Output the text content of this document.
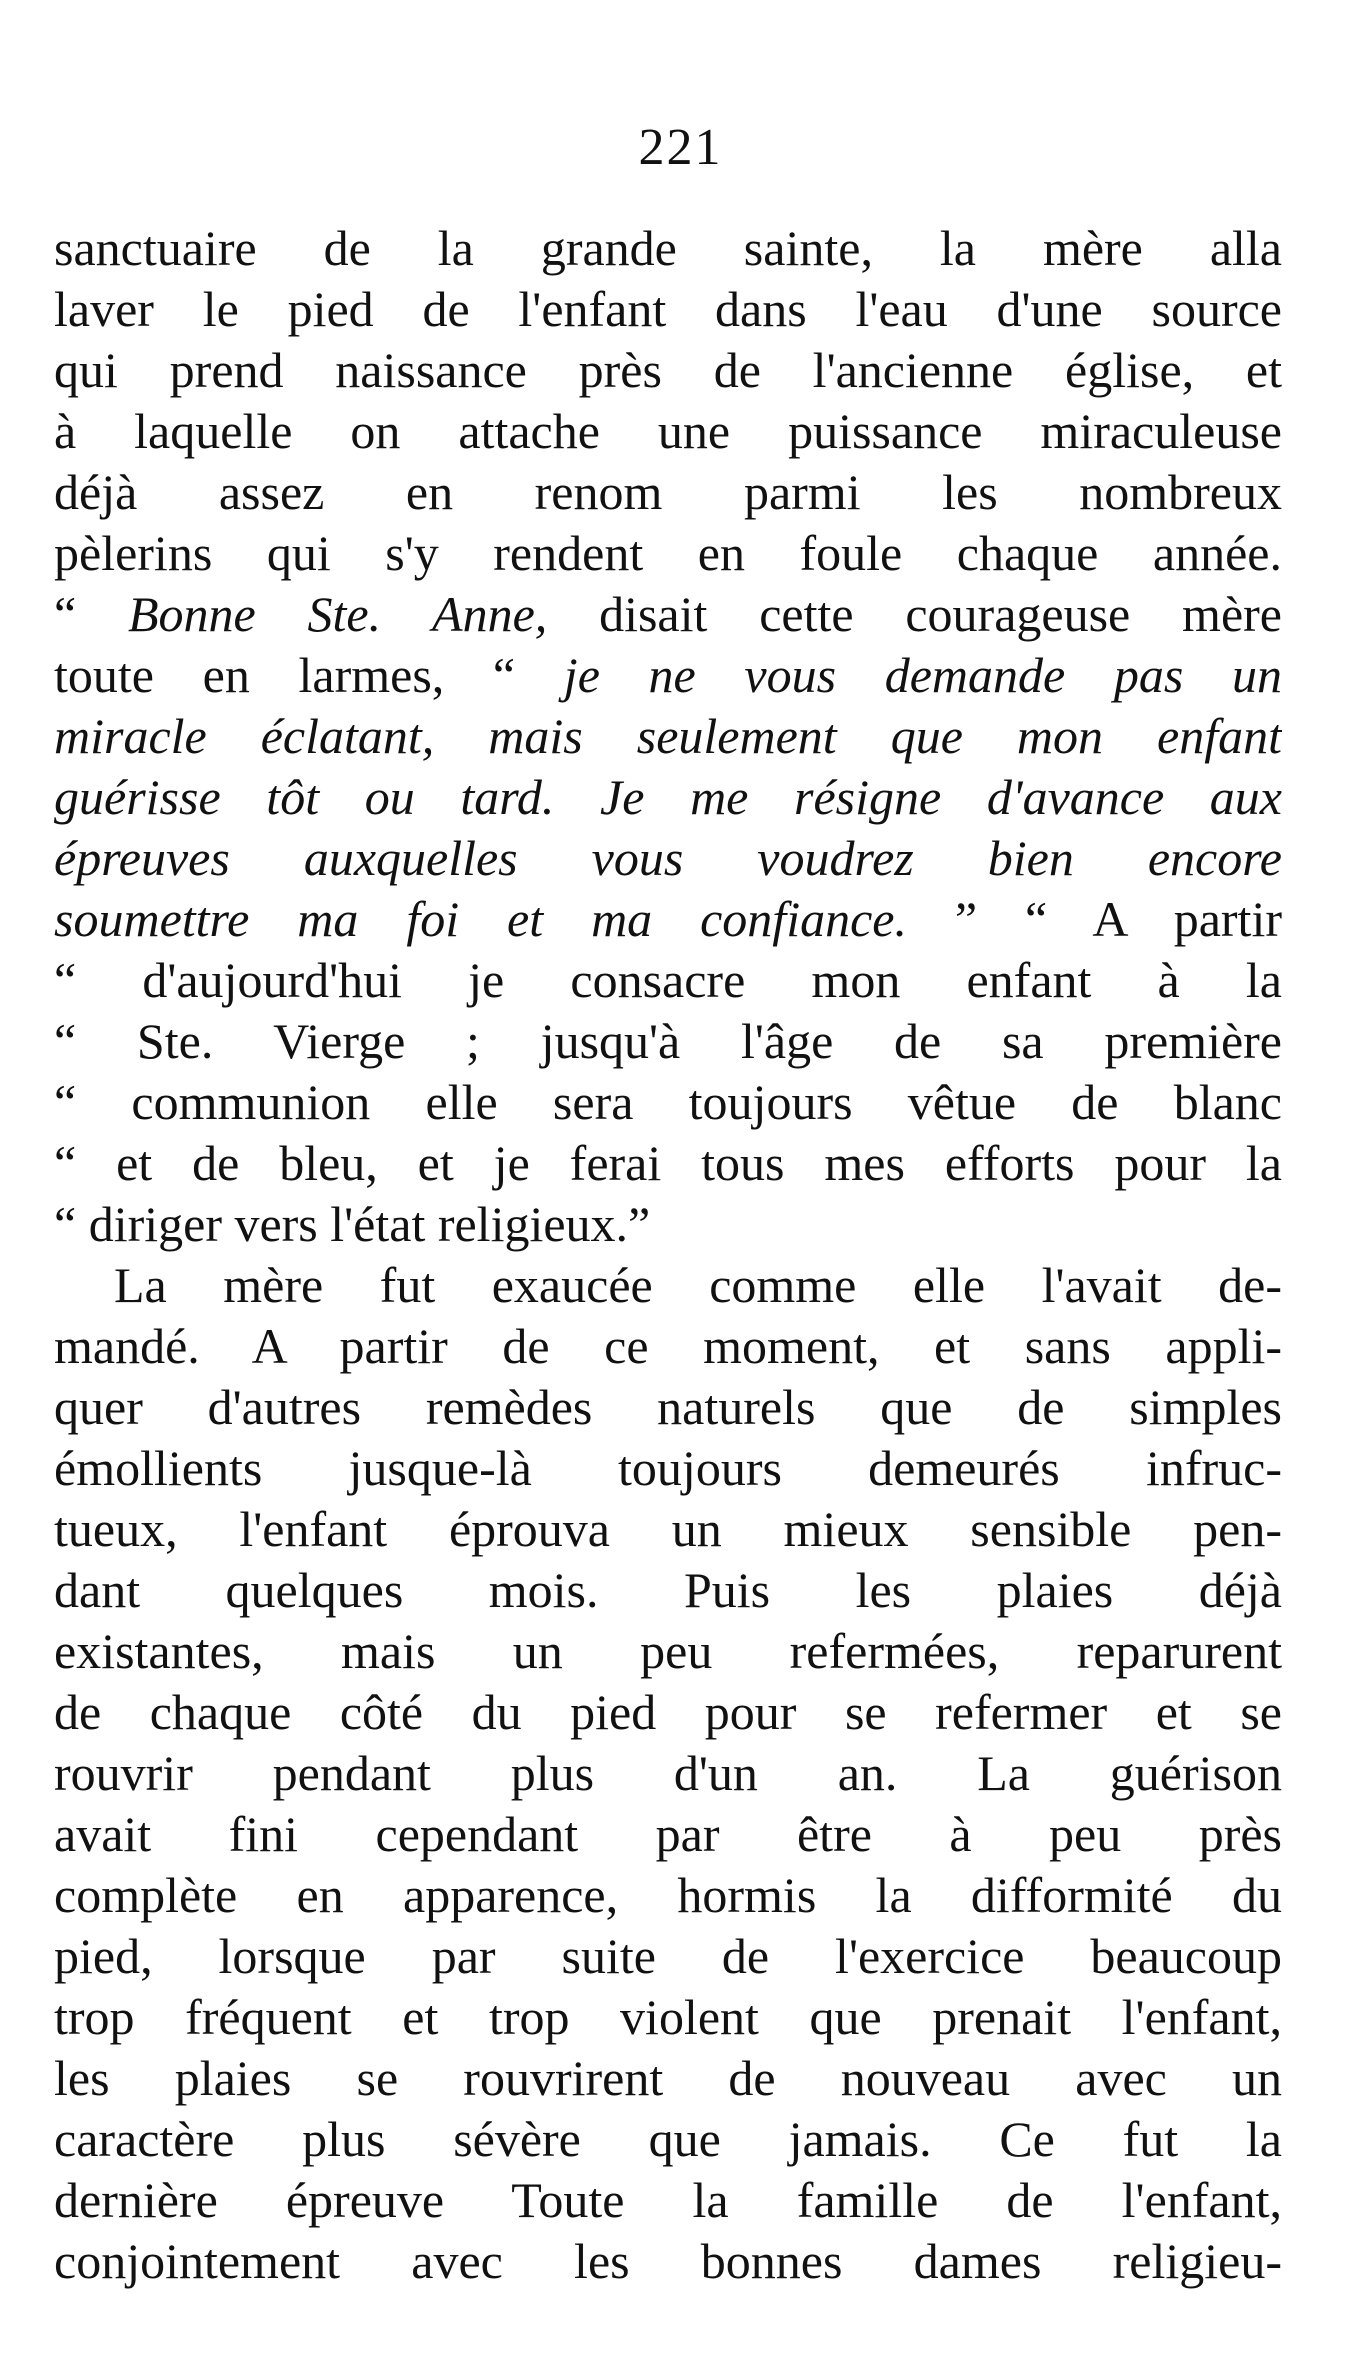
221
sanctuaire de la grande sainte, la mère alla
laver le pied de l'enfant dans l'eau d'une source
qui prend naissance près de l'ancienne église, et
à laquelle on attache une puissance miraculeuse
déjà assez en renom parmi les nombreux
pèlerins qui s'y rendent en foule chaque année.
“ Bonne Ste. Anne, disait cette courageuse mère
toute en larmes, “ je ne vous demande pas un
miracle éclatant, mais seulement que mon enfant
guérisse tôt ou tard. Je me résigne d'avance aux
épreuves auxquelles vous voudrez bien encore
soumettre ma foi et ma confiance. ” “ A partir
“ d'aujourd'hui je consacre mon enfant à la
“ Ste. Vierge ; jusqu'à l'âge de sa première
“ communion elle sera toujours vêtue de blanc
“ et de bleu, et je ferai tous mes efforts pour la
“ diriger vers l'état religieux.”
La mère fut exaucée comme elle l'avait de-
mandé. A partir de ce moment, et sans appli-
quer d'autres remèdes naturels que de simples
émollients jusque-là toujours demeurés infruc-
tueux, l'enfant éprouva un mieux sensible pen-
dant quelques mois. Puis les plaies déjà
existantes, mais un peu refermées, reparurent
de chaque côté du pied pour se refermer et se
rouvrir pendant plus d'un an. La guérison
avait fini cependant par être à peu près
complète en apparence, hormis la difformité du
pied, lorsque par suite de l'exercice beaucoup
trop fréquent et trop violent que prenait l'enfant,
les plaies se rouvrirent de nouveau avec un
caractère plus sévère que jamais. Ce fut la
dernière épreuve Toute la famille de l'enfant,
conjointement avec les bonnes dames religieu-
